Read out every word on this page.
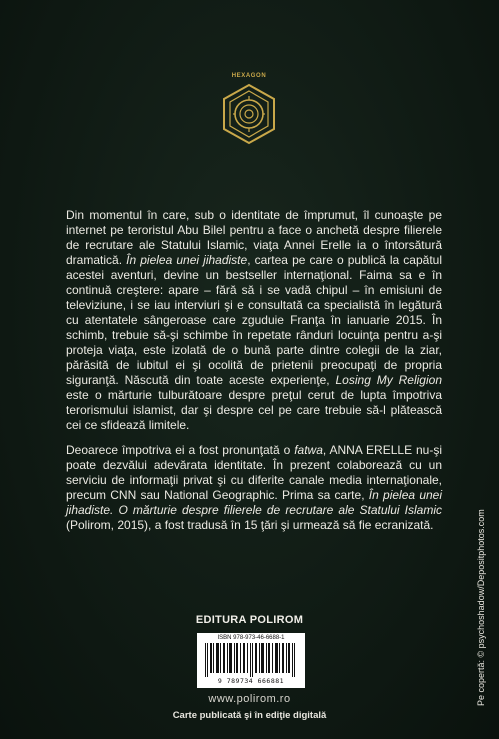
HEXAGON

Din momentul în care, sub o identitate de împrumut, îl cunoaşte pe internet pe teroristul Abu Bilel pentru a face o anchetă despre filierele de recrutare ale Statului Islamic, viaţa Annei Erelle ia o întorsătură dramatică. În pielea unei jihadiste, cartea pe care o publică la capătul acestei aventuri, devine un bestseller internaţional. Faima sa e în continuă creştere: apare – fără să i se vadă chipul – în emisiuni de televiziune, i se iau interviuri şi e consultată ca specialistă în legătură cu atentatele sângeroase care zguduie Franţa în ianuarie 2015. În schimb, trebuie să-şi schimbe în repetate rânduri locuinţa pentru a-şi proteja viaţa, este izolată de o bună parte dintre colegii de la ziar, părăsită de iubitul ei şi ocolită de prietenii preocupaţi de propria siguranţă. Născută din toate aceste experienţe, Losing My Religion este o mărturie tulburătoare despre preţul cerut de lupta împotriva terorismului islamist, dar şi despre cel pe care trebuie să-l plătească cei ce sfidează limitele.

Deoarece împotriva ei a fost pronunţată o fatwa, ANNA ERELLE nu-şi poate dezvălui adevărata identitate. În prezent colaborează cu un serviciu de informaţii privat şi cu diferite canale media internaţionale, precum CNN sau National Geographic. Prima sa carte, În pielea unei jihadiste. O mărturie despre filierele de recrutare ale Statului Islamic (Polirom, 2015), a fost tradusă în 15 ţări şi urmează să fie ecranizată.

EDITURA POLIROM
ISBN 978-973-46-6688-1
9 789734 666881
www.polirom.ro
Carte publicată şi în ediţie digitală
Pe copertă: © psychoshadow/Depositphotos.com
